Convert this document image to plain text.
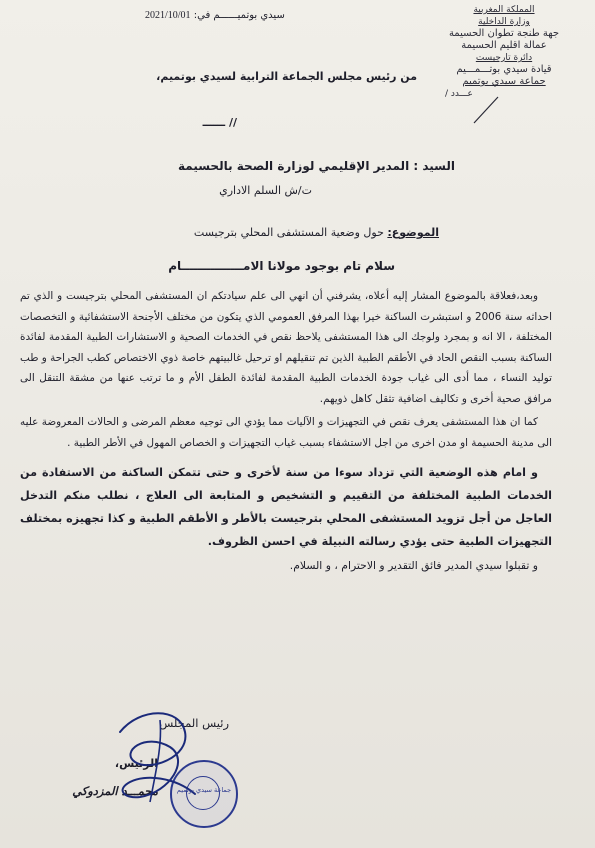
سيدي بوتميــــــم في: 2021/10/01	المملكة المغربية
وزارة الداخلية
جهة طنجة تطوان الحسيمة
عمالة اقليم الحسيمة
دائرة تارجيست
قيادة سيدي بوتـــمـــيم
جماعة سيدي بوتميم
عـــدد /
من رئيس مجلس الجماعة الترابية لسيدي بوتميم،
// ــــــ
السيد : المدير الإقليمي لوزارة الصحة بالحسيمة
ت/ش السلم الاداري
الموضوع: حول وضعية المستشفى المحلي بترجيست
سلام تام بوجود مولانا الامـــــــــــــــام

وبعد،فعلاقة بالموضوع المشار إليه أعلاه، يشرفني أن انهي الى علم سيادتكم ان المستشفى المحلي بترجيست و الذي تم احداثه سنة 2006 و استبشرت الساكنة خيرا بهذا المرفق العمومي الذي يتكون من مختلف الأجنحة الاستشفائية و التخصصات المختلفة ، الا انه و بمجرد ولوجك الى هذا المستشفى يلاحظ نقص في الخدمات الصحية و الاستشارات الطبية المقدمة لفائدة الساكنة بسبب النقص الحاد في الأطقم الطبية الذين تم تنقيلهم او ترحيل غالبيتهم خاصة ذوي الاختصاص كطب الجراحة و طب توليد النساء ، مما أدى الى غياب جودة الخدمات الطبية المقدمة لفائدة الطفل الأم و ما ترتب عنها من مشقة التنقل الى مرافق صحية أخرى و تكاليف اضافية تثقل كاهل ذويهم.

كما ان هذا المستشفى يعرف نقص في التجهيزات و الآليات مما يؤدي الى توجيه معظم المرضى و الحالات المعروضة عليه الى مدينة الحسيمة او مدن اخرى من اجل الاستشفاء بسبب غياب التجهيزات و الخصاص المهول في الأطر الطبية .

و امام هذه الوضعية التي تزداد سوءا من سنة لأخرى و حتى تتمكن الساكنة من الاستفادة من الخدمات الطبية المختلفة من التقييم و التشخيص و المتابعة الى العلاج ، نطلب منكم التدخل العاجل من أجل تزويد المستشفى المحلي بترجيست بالأطر و الأطقم الطبية و كذا تجهيزه بمختلف التجهيزات الطبية حتى يؤدي رسالته النبيلة في احسن الظروف.

و تقبلوا سيدي المدير فائق التقدير و الاحترام ، و السلام.

رئيس المجلس
الرئيس،
محمـــد المزدوكي	جماعة سيدي بوتميم
